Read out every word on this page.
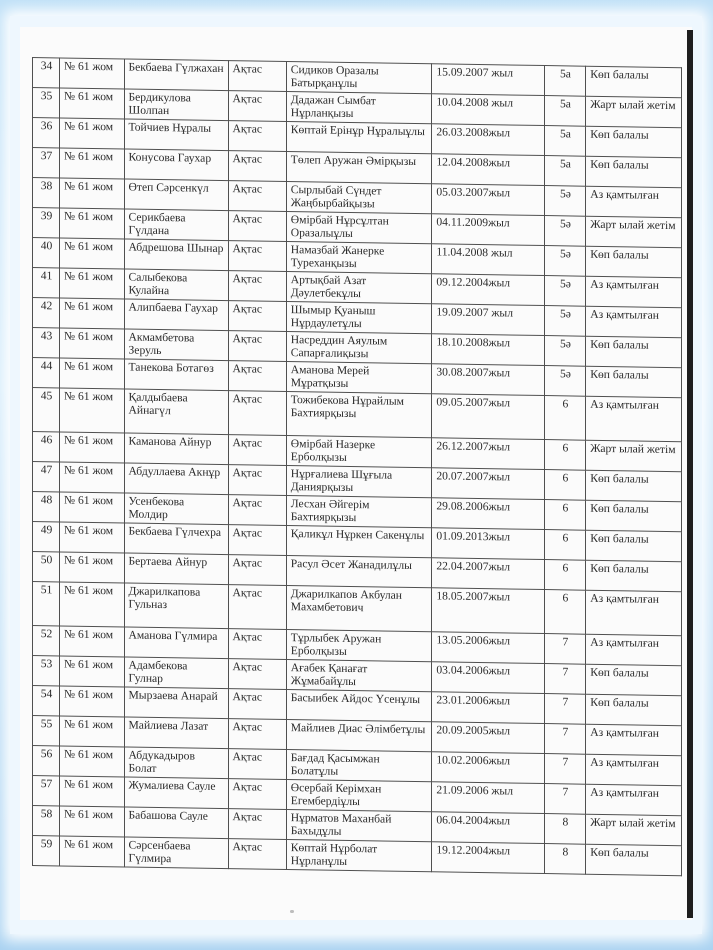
34	№ 61 жом	Бекбаева Гүлжахан	Ақтас	Сидиков Оразалы Батырқанұлы	15.09.2007 жыл	5а	Көп балалы
35	№ 61 жом	Бердикулова Шолпан	Ақтас	Дадажан Сымбат Нұрланқызы	10.04.2008 жыл	5а	Жарт ылай жетім
36	№ 61 жом	Тойчиев Нұралы	Ақтас	Көптай Ерінұр Нұралыұлы	26.03.2008жыл	5а	Көп балалы
37	№ 61 жом	Конусова Гаухар	Ақтас	Төлеп Аружан Әмірқызы	12.04.2008жыл	5а	Көп балалы
38	№ 61 жом	Өтеп Сәрсенкүл	Ақтас	Сырлыбай Сүндет Жаңбырбайқызы	05.03.2007жыл	5ә	Аз қамтылған
39	№ 61 жом	Серикбаева Гүлдана	Ақтас	Өмірбай Нұрсұлтан Оразалыұлы	04.11.2009жыл	5ә	Жарт ылай жетім
40	№ 61 жом	Абдрешова Шынар	Ақтас	Намазбай Жанерке Туреханқызы	11.04.2008 жыл	5ә	Көп балалы
41	№ 61 жом	Салыбекова Кулайна	Ақтас	Артықбай Азат Дәулетбекұлы	09.12.2004жыл	5ә	Аз қамтылған
42	№ 61 жом	Алипбаева Гаухар	Ақтас	Шымыр Қуаныш Нұрдаулетұлы	19.09.2007 жыл	5ә	Аз қамтылған
43	№ 61 жом	Акмамбетова Зеруль	Ақтас	Насреддин Аяулым Сапарғалиқызы	18.10.2008жыл	5ә	Көп балалы
44	№ 61 жом	Танекова Ботагөз	Ақтас	Аманова Мерей Мұратқызы	30.08.2007жыл	5ә	Көп балалы
45	№ 61 жом	Қалдыбаева Айнагүл	Ақтас	Тожибекова Нұрайлым Бахтиярқызы	09.05.2007жыл	6	Аз қамтылған
46	№ 61 жом	Каманова Айнур	Ақтас	Өмірбай Назерке Ерболқызы	26.12.2007жыл	6	Жарт ылай жетім
47	№ 61 жом	Абдуллаева Акнұр	Ақтас	Нұрғалиева Шұғыла Даниярқызы	20.07.2007жыл	6	Көп балалы
48	№ 61 жом	Усенбекова Молдир	Ақтас	Лесхан Әйгерім Бахтиярқызы	29.08.2006жыл	6	Көп балалы
49	№ 61 жом	Бекбаева Гүлчехра	Ақтас	Қаликұл Нұркен Сакенұлы	01.09.2013жыл	6	Көп балалы
50	№ 61 жом	Бертаева Айнур	Ақтас	Расул Әсет Жанадилұлы	22.04.2007жыл	6	Көп балалы
51	№ 61 жом	Джарилкапова Гульназ	Ақтас	Джарилкапов Акбулан Махамбетович	18.05.2007жыл	6	Аз қамтылған
52	№ 61 жом	Аманова Гүлмира	Ақтас	Тұрлыбек Аружан Ерболқызы	13.05.2006жыл	7	Аз қамтылған
53	№ 61 жом	Адамбекова Гулнар	Ақтас	Ағабек Қанағат Жұмабайұлы	03.04.2006жыл	7	Көп балалы
54	№ 61 жом	Мырзаева Анарай	Ақтас	Басыибек Айдос Үсенұлы	23.01.2006жыл	7	Көп балалы
55	№ 61 жом	Майлиева Лазат	Ақтас	Майлиев Диас Әлімбетұлы	20.09.2005жыл	7	Аз қамтылған
56	№ 61 жом	Абдукадыров Болат	Ақтас	Бағдад Қасымжан Болатұлы	10.02.2006жыл	7	Аз қамтылған
57	№ 61 жом	Жумалиева Сауле	Ақтас	Өсербай Керімхан Егембердіұлы	21.09.2006 жыл	7	Аз қамтылған
58	№ 61 жом	Бабашова Сауле	Ақтас	Нұрматов Маханбай Бахыдұлы	06.04.2004жыл	8	Жарт ылай жетім
59	№ 61 жом	Сәрсенбаева Гүлмира	Ақтас	Көптай Нұрболат Нұрланұлы	19.12.2004жыл	8	Көп балалы
